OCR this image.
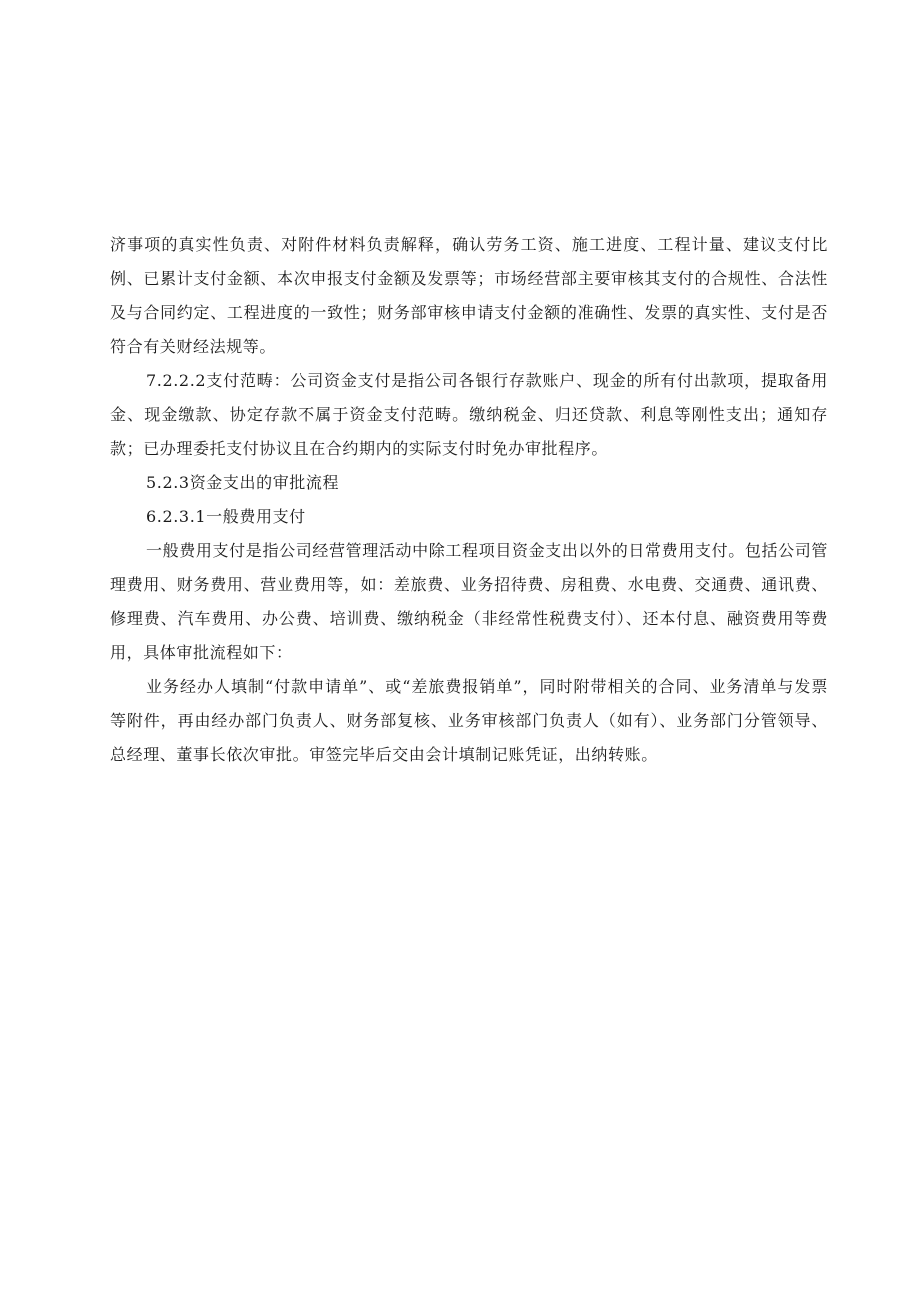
济事项的真实性负责、对附件材料负责解释，确认劳务工资、施工进度、工程计量、建议支付比例、已累计支付金额、本次申报支付金额及发票等；市场经营部主要审核其支付的合规性、合法性及与合同约定、工程进度的一致性；财务部审核申请支付金额的准确性、发票的真实性、支付是否符合有关财经法规等。

7.2.2.2支付范畴：公司资金支付是指公司各银行存款账户、现金的所有付出款项，提取备用金、现金缴款、协定存款不属于资金支付范畴。缴纳税金、归还贷款、利息等刚性支出；通知存款；已办理委托支付协议且在合约期内的实际支付时免办审批程序。

5.2.3资金支出的审批流程

6.2.3.1一般费用支付

一般费用支付是指公司经营管理活动中除工程项目资金支出以外的日常费用支付。包括公司管理费用、财务费用、营业费用等，如：差旅费、业务招待费、房租费、水电费、交通费、通讯费、修理费、汽车费用、办公费、培训费、缴纳税金（非经常性税费支付）、还本付息、融资费用等费用，具体审批流程如下：

业务经办人填制“付款申请单”、或“差旅费报销单”，同时附带相关的合同、业务清单与发票等附件，再由经办部门负责人、财务部复核、业务审核部门负责人（如有）、业务部门分管领导、总经理、董事长依次审批。审签完毕后交由会计填制记账凭证，出纳转账。
